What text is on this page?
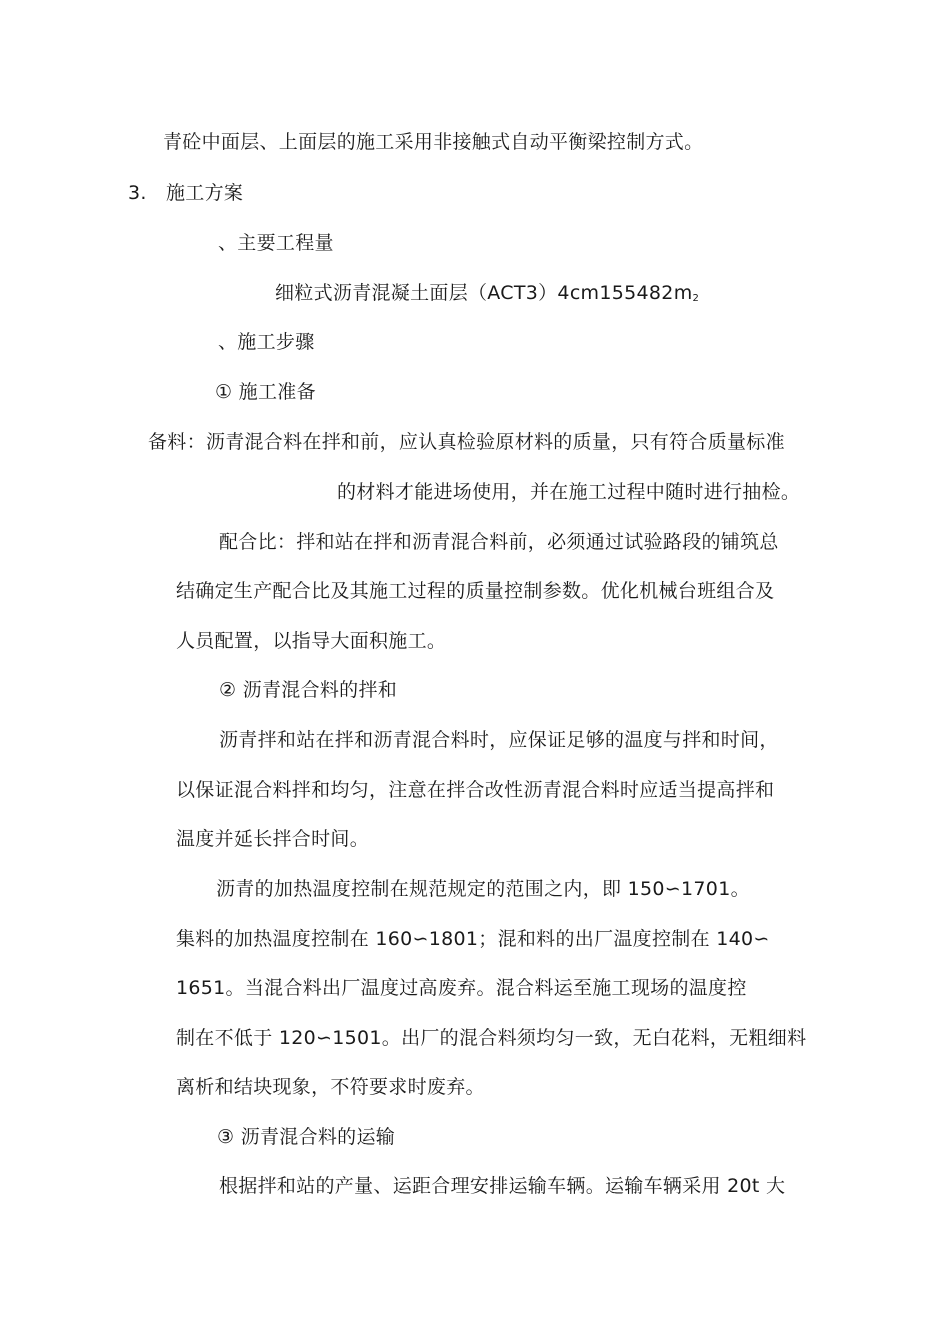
青砼中面层、上面层的施工采用非接触式自动平衡梁控制方式。
3. 施工方案
、主要工程量
细粒式沥青混凝土面层$(ACT3)4cm155482m_2$
、施工步骤
① 施工准备
备料：沥青混合料在拌和前，应认真检验原材料的质量，只有符合质量标准
的材料才能进场使用，并在施工过程中随时进行抽检。
配合比：拌和站在拌和沥青混合料前，必须通过试验路段的铺筑总
结确定生产配合比及其施工过程的质量控制参数。优化机械台班组合及
人员配置，以指导大面积施工。
② 沥青混合料的拌和
沥青拌和站在拌和沥青混合料时，应保证足够的温度与拌和时间，
以保证混合料拌和均匀，注意在拌合改性沥青混合料时应适当提高拌和
温度并延长拌合时间。
沥青的加热温度控制在规范规定的范围之内，即 150∽1701。
集料的加热温度控制在 160∽1801；混和料的出厂温度控制在 140∽
1651。当混合料出厂温度过高废弃。混合料运至施工现场的温度控
制在不低于 120∽1501。出厂的混合料须均匀一致，无白花料，无粗细料
离析和结块现象，不符要求时废弃。
③ 沥青混合料的运输
根据拌和站的产量、运距合理安排运输车辆。运输车辆采用 20t 大
